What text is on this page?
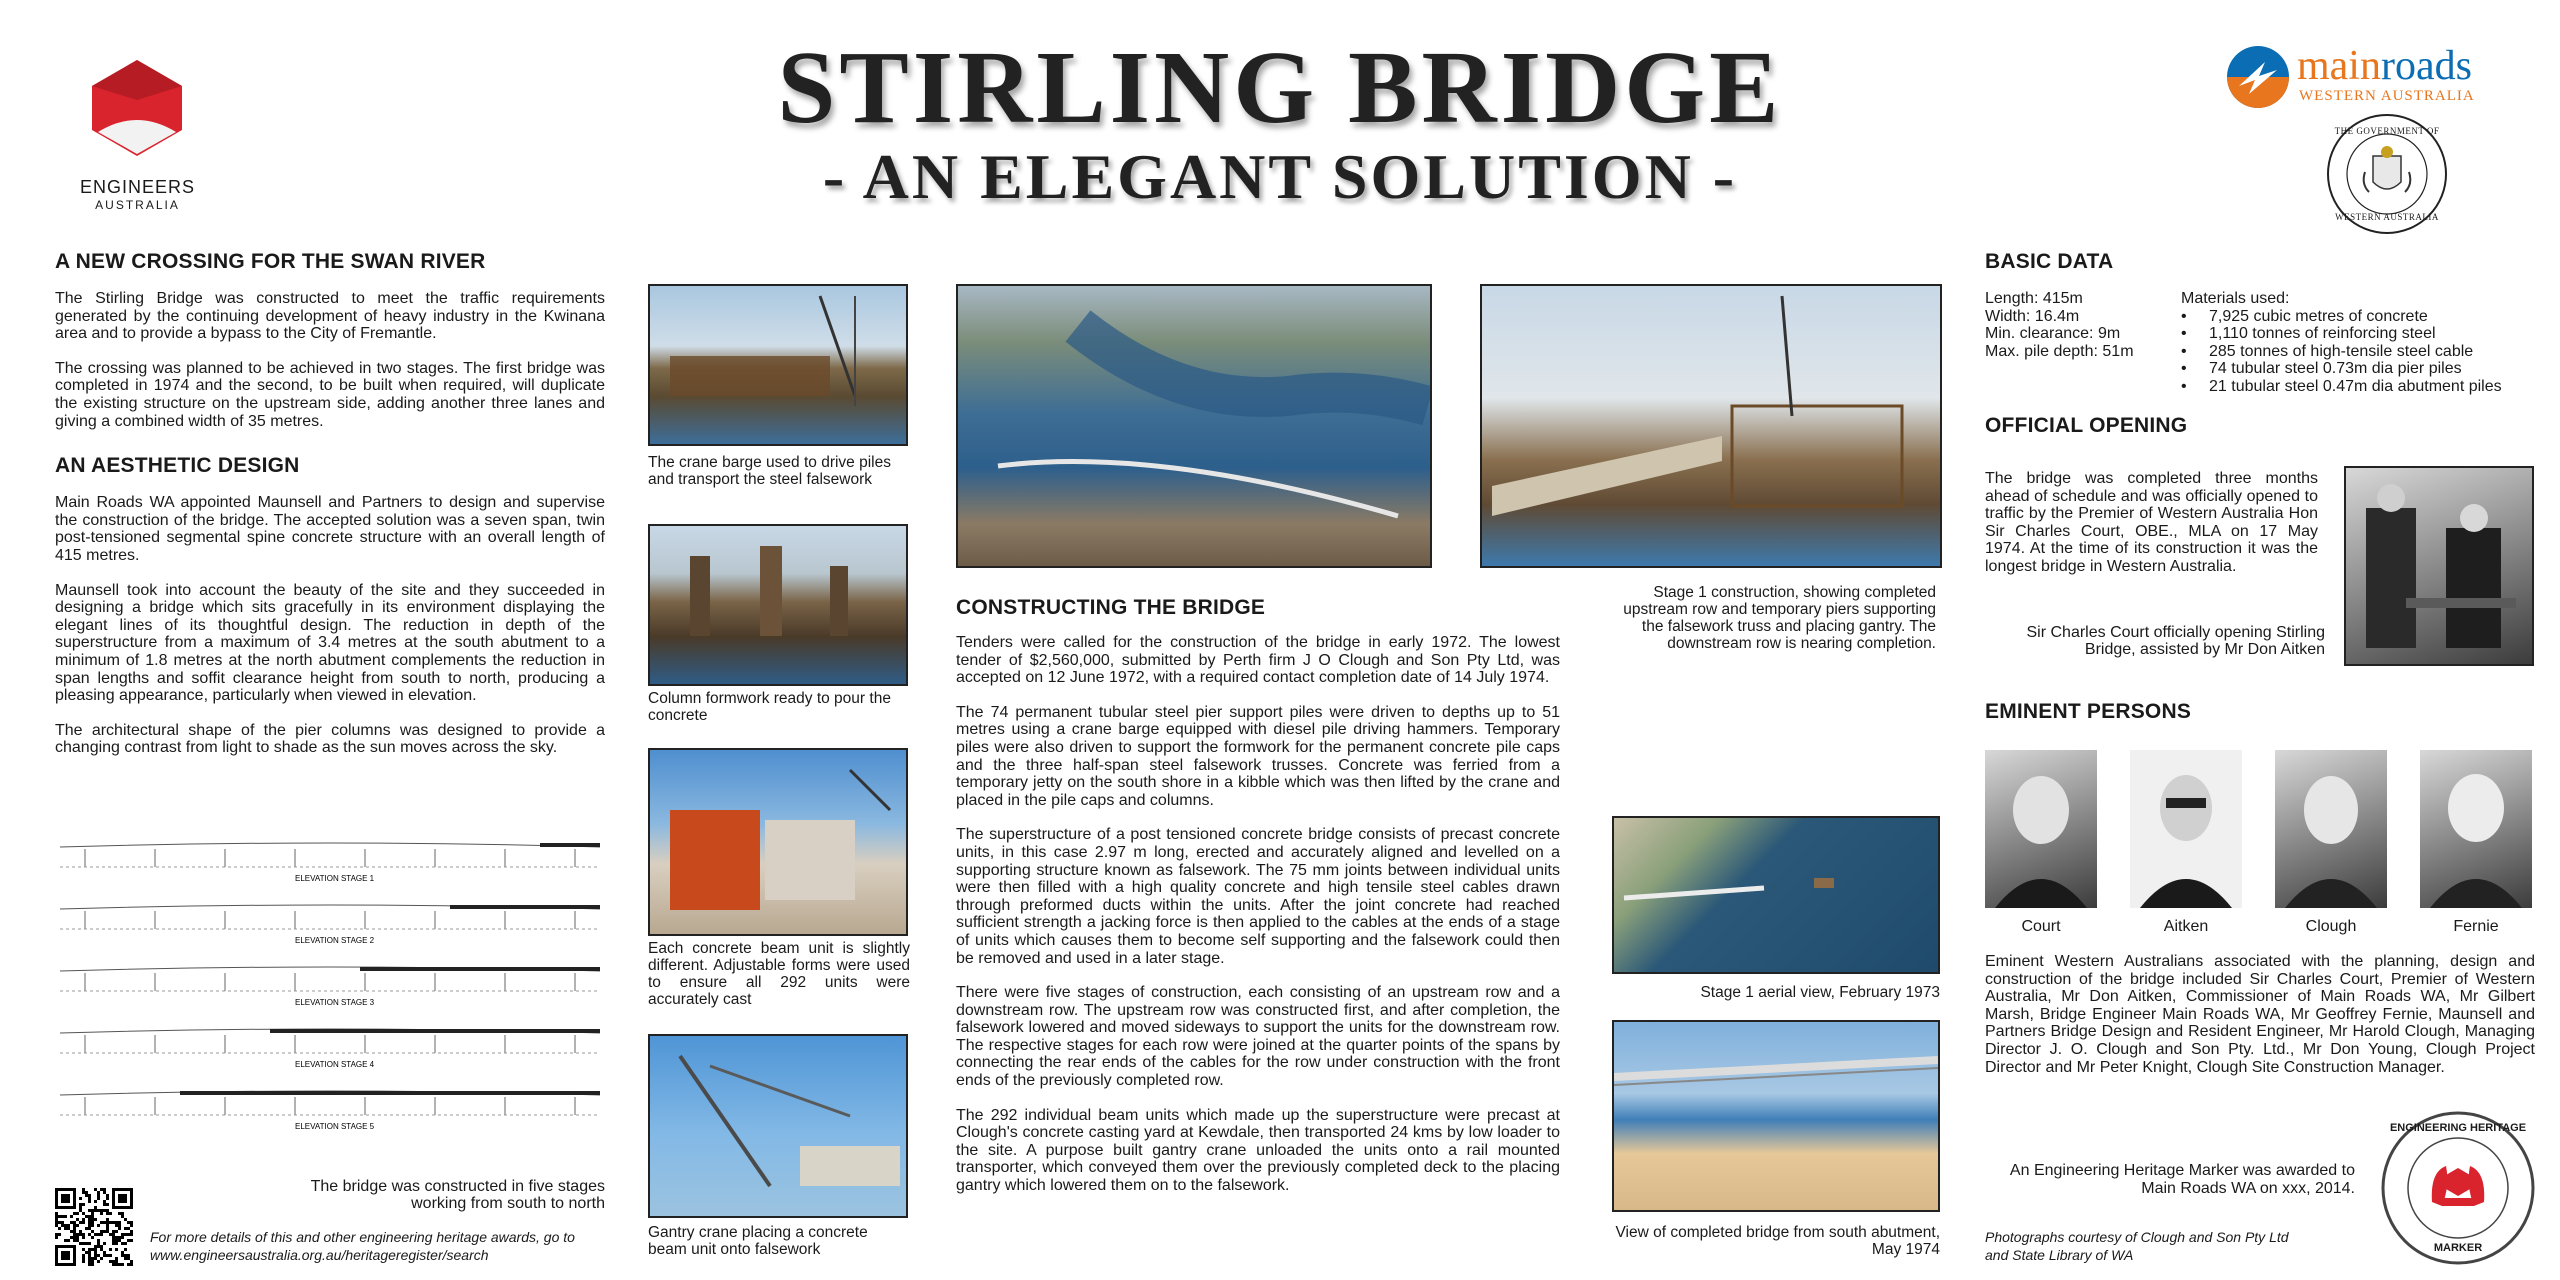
ENGINEERS
AUSTRALIA
STIRLING BRIDGE
- AN ELEGANT SOLUTION -
mainroads
WESTERN AUSTRALIA
THE GOVERNMENT OF
WESTERN AUSTRALIA
A NEW CROSSING FOR THE SWAN RIVER

The Stirling Bridge was constructed to meet the traffic requirements generated by the continuing development of heavy industry in the Kwinana area and to provide a bypass to the City of Fremantle.

The crossing was planned to be achieved in two stages. The first bridge was completed in 1974 and the second, to be built when required, will duplicate the existing structure on the upstream side, adding another three lanes and giving a combined width of 35 metres.

AN AESTHETIC DESIGN

Main Roads WA appointed Maunsell and Partners to design and supervise the construction of the bridge. The accepted solution was a seven span, twin post-tensioned segmental spine concrete structure with an overall length of 415 metres.

Maunsell took into account the beauty of the site and they succeeded in designing a bridge which sits gracefully in its environment displaying the elegant lines of its thoughtful design. The reduction in depth of the superstructure from a maximum of 3.4 metres at the south abutment to a minimum of 1.8 metres at the north abutment complements the reduction in span lengths and soffit clearance height from south to north, producing a pleasing appearance, particularly when viewed in elevation.

The architectural shape of the pier columns was designed to provide a changing contrast from light to shade as the sun moves across the sky.

ELEVATION STAGE 1
ELEVATION STAGE 2
ELEVATION STAGE 3
ELEVATION STAGE 4
ELEVATION STAGE 5
The bridge was constructed in five stages
working from south to north
For more details of this and other engineering heritage awards, go to
www.engineersaustralia.org.au/heritageregister/search
The crane barge used to drive piles and transport the steel falsework
Column formwork ready to pour the concrete
Each concrete beam unit is slightly different. Adjustable forms were used to ensure all 292 units were accurately cast
Gantry crane placing a concrete beam unit onto falsework
CONSTRUCTING THE BRIDGE

Tenders were called for the construction of the bridge in early 1972. The lowest tender of $2,560,000, submitted by Perth firm J O Clough and Son Pty Ltd, was accepted on 12 June 1972, with a required contact completion date of 14 July 1974.

The 74 permanent tubular steel pier support piles were driven to depths up to 51 metres using a crane barge equipped with diesel pile driving hammers. Temporary piles were also driven to support the formwork for the permanent concrete pile caps and the three half-span steel falsework trusses. Concrete was ferried from a temporary jetty on the south shore in a kibble which was then lifted by the crane and placed in the pile caps and columns.

The superstructure of a post tensioned concrete bridge consists of precast concrete units, in this case 2.97 m long, erected and accurately aligned and levelled on a supporting structure known as falsework. The 75 mm joints between individual units were then filled with a high quality concrete and high tensile steel cables drawn through preformed ducts within the units. After the joint concrete had reached sufficient strength a jacking force is then applied to the cables at the ends of a stage of units which causes them to become self supporting and the falsework could then be removed and used in a later stage.

There were five stages of construction, each consisting of an upstream row and a downstream row. The upstream row was constructed first, and after completion, the falsework lowered and moved sideways to support the units for the downstream row. The respective stages for each row were joined at the quarter points of the spans by connecting the rear ends of the cables for the row under construction with the front ends of the previously completed row.

The 292 individual beam units which made up the superstructure were precast at Clough's concrete casting yard at Kewdale, then transported 24 kms by low loader to the site. A purpose built gantry crane unloaded the units onto a rail mounted transporter, which conveyed them over the previously completed deck to the placing gantry which lowered them on to the falsework.

Stage 1 construction, showing completed upstream row and temporary piers supporting the falsework truss and placing gantry. The downstream row is nearing completion.
Stage 1 aerial view, February 1973
View of completed bridge from south abutment, May 1974
BASIC DATA
Length: 415m
Width: 16.4m
Min. clearance: 9m
Max. pile depth: 51m
Materials used:
• 7,925 cubic metres of concrete
• 1,110 tonnes of reinforcing steel
• 285 tonnes of high-tensile steel cable
• 74 tubular steel 0.73m dia pier piles
• 21 tubular steel 0.47m dia abutment piles
OFFICIAL OPENING
The bridge was completed three months ahead of schedule and was officially opened to traffic by the Premier of Western Australia Hon Sir Charles Court, OBE., MLA on 17 May 1974. At the time of its construction it was the longest bridge in Western Australia.
Sir Charles Court officially opening Stirling Bridge, assisted by Mr Don Aitken
EMINENT PERSONS
Court	Aitken	Clough	Fernie
Eminent Western Australians associated with the planning, design and construction of the bridge included Sir Charles Court, Premier of Western Australia, Mr Don Aitken, Commissioner of Main Roads WA, Mr Gilbert Marsh, Bridge Engineer Main Roads WA, Mr Geoffrey Fernie, Maunsell and Partners Bridge Design and Resident Engineer, Mr Harold Clough, Managing Director J. O. Clough and Son Pty. Ltd., Mr Don Young, Clough Project Director and Mr Peter Knight, Clough Site Construction Manager.
An Engineering Heritage Marker was awarded to
Main Roads WA on xxx, 2014.
Photographs courtesy of Clough and Son Pty Ltd
and State Library of WA
ENGINEERING HERITAGE
MARKER
